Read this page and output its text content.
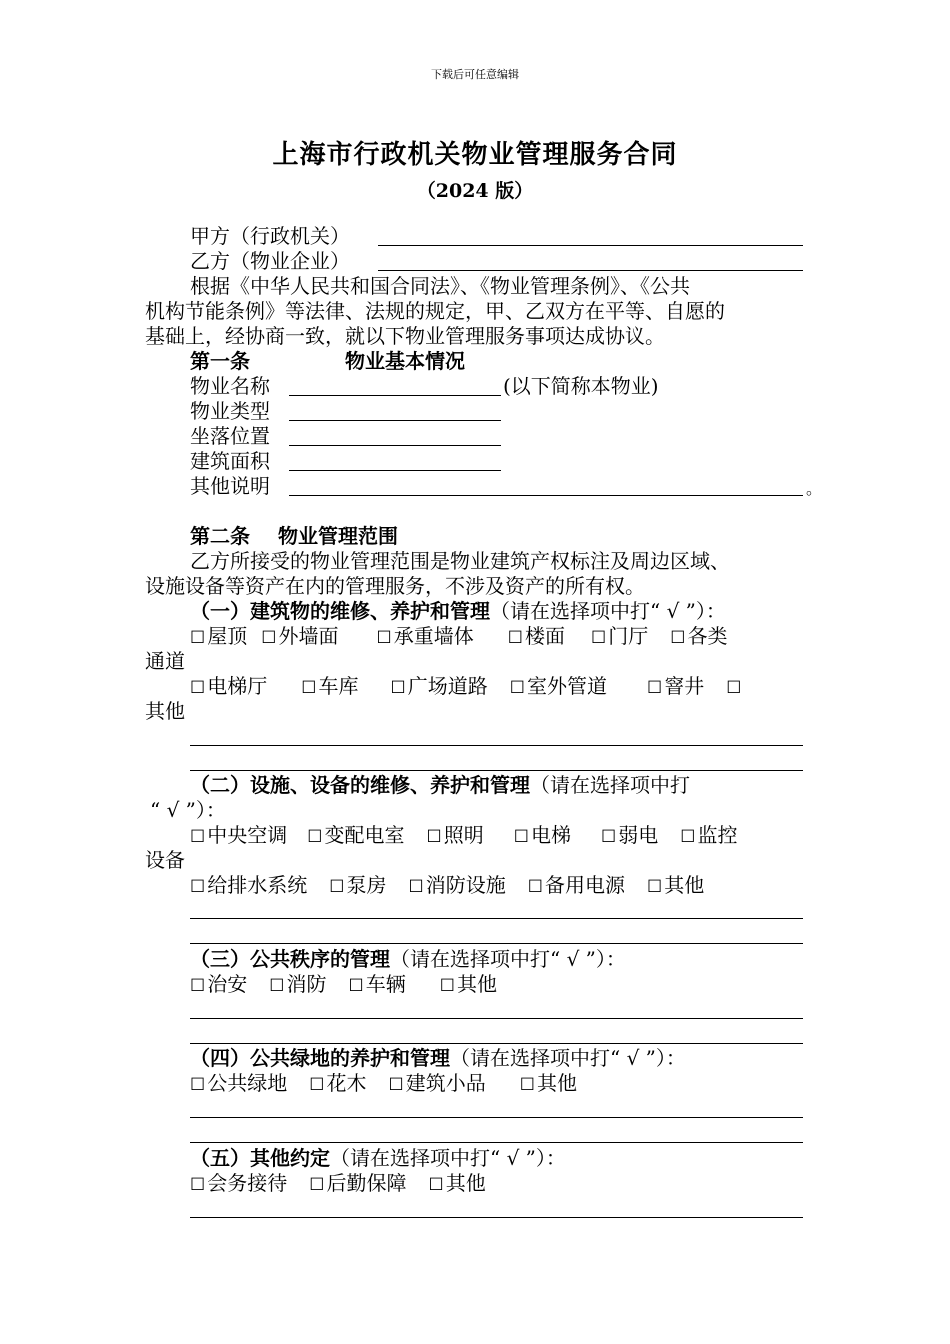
下载后可任意编辑
上海市行政机关物业管理服务合同
（2024 版）
甲方（行政机关）
乙方（物业企业）
根据《中华人民共和国合同法》、《物业管理条例》、《公共
机构节能条例》等法律、法规的规定，甲、乙双方在平等、自愿的
基础上，经协商一致，就以下物业管理服务事项达成协议。
第一条	物业基本情况
物业名称	(以下简称本物业)
物业类型
坐落位置
建筑面积
其他说明	。
第二条 物业管理范围
乙方所接受的物业管理范围是物业建筑产权标注及周边区域、
设施设备等资产在内的管理服务，不涉及资产的所有权。
（一）建筑物的维修、养护和管理（请在选择项中打“ √ ”）：
☐ 屋顶 ☐ 外墙面	☐ 承重墙体	☐ 楼面 ☐ 门厅 ☐ 各类
通道
☐ 电梯厅	☐ 车库 ☐ 广场道路 ☐ 室外管道	☐ 窨井☐
其他
（二）设施、设备的维修、养护和管理（请在选择项中打
“ √ ”）：
☐ 中央空调 ☐ 变配电室 ☐ 照明 ☐ 电梯 ☐ 弱电 ☐ 监控
设备
☐ 给排水系统 ☐ 泵房 ☐ 消防设施 ☐ 备用电源 ☐ 其他
（三）公共秩序的管理（请在选择项中打“ √ ”）：
☐ 治安 ☐ 消防 ☐ 车辆	☐ 其他
（四）公共绿地的养护和管理（请在选择项中打“ √ ”）：
☐ 公共绿地 ☐ 花木 ☐ 建筑小品	☐ 其他
（五）其他约定（请在选择项中打“ √ ”）：
☐ 会务接待 ☐ 后勤保障 ☐ 其他
